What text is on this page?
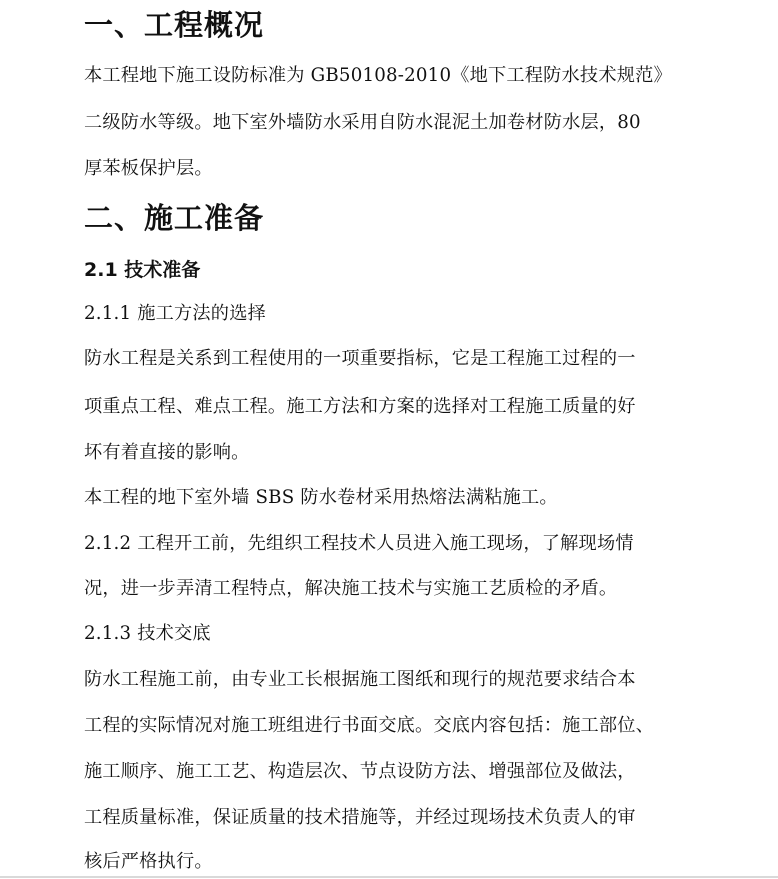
一、工程概况
本工程地下施工设防标准为 GB50108-2010《地下工程防水技术规范》
二级防水等级。地下室外墙防水采用自防水混泥土加卷材防水层，80
厚苯板保护层。
二、施工准备
2.1 技术准备
2.1.1 施工方法的选择
防水工程是关系到工程使用的一项重要指标，它是工程施工过程的一
项重点工程、难点工程。施工方法和方案的选择对工程施工质量的好
坏有着直接的影响。
本工程的地下室外墙 SBS 防水卷材采用热熔法满粘施工。
2.1.2 工程开工前，先组织工程技术人员进入施工现场，了解现场情
况，进一步弄清工程特点，解决施工技术与实施工艺质检的矛盾。
2.1.3 技术交底
防水工程施工前，由专业工长根据施工图纸和现行的规范要求结合本
工程的实际情况对施工班组进行书面交底。交底内容包括：施工部位、
施工顺序、施工工艺、构造层次、节点设防方法、增强部位及做法，
工程质量标准，保证质量的技术措施等，并经过现场技术负责人的审
核后严格执行。
